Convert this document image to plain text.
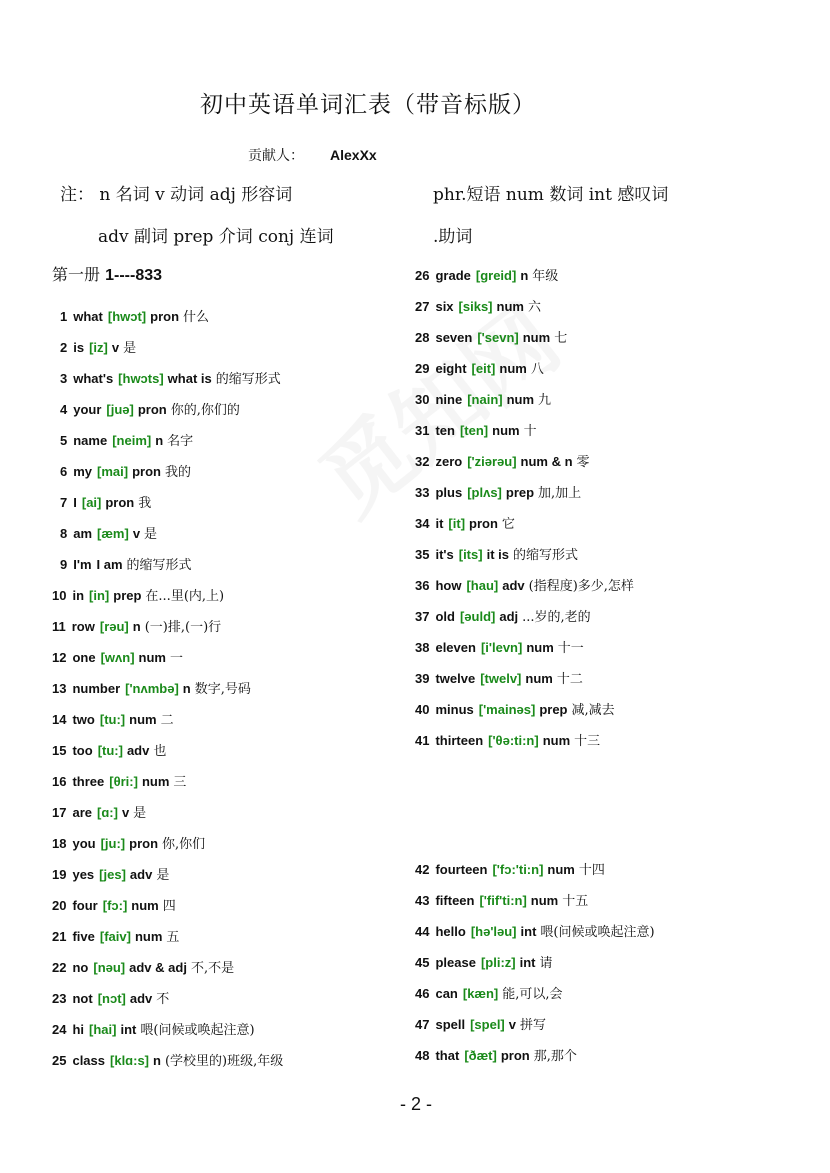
初中英语单词汇表（带音标版）
贡献人： AlexXx
注： n 名词 v 动词 adj 形容词	phr.短语 num 数词 int 感叹词
adv 副词 prep 介词 conj 连词	.助词
第一册 1----833
1 what [hwɔt] pron 什么
2 is [iz] v 是
3 what's [hwɔts] what is 的缩写形式
4 your [juə] pron 你的,你们的
5 name [neim] n 名字
6 my [mai] pron 我的
7 I [ai] pron 我
8 am [æm] v 是
9 I'm I am 的缩写形式
10 in [in] prep 在...里(内,上)
11 row [rəu] n (一)排,(一)行
12 one [wʌn] num 一
13 number ['nʌmbə] n 数字,号码
14 two [tu:] num 二
15 too [tu:] adv 也
16 three [θri:] num 三
17 are [ɑ:] v 是
18 you [ju:] pron 你,你们
19 yes [jes] adv 是
20 four [fɔ:] num 四
21 five [faiv] num 五
22 no [nəu] adv & adj 不,不是
23 not [nɔt] adv 不
24 hi [hai] int 喂(问候或唤起注意)
25 class [klɑ:s] n (学校里的)班级,年级
26 grade [greid] n 年级
27 six [siks] num 六
28 seven ['sevn] num 七
29 eight [eit] num 八
30 nine [nain] num 九
31 ten [ten] num 十
32 zero ['ziərəu] num & n 零
33 plus [plʌs] prep 加,加上
34 it [it] pron 它
35 it's [its] it is 的缩写形式
36 how [hau] adv (指程度)多少,怎样
37 old [əuld] adj ...岁的,老的
38 eleven [i'levn] num 十一
39 twelve [twelv] num 十二
40 minus ['mainəs] prep 减,减去
41 thirteen ['θə:ti:n] num 十三
42 fourteen ['fɔ:'ti:n] num 十四
43 fifteen ['fif'ti:n] num 十五
44 hello [hə'ləu] int 喂(问候或唤起注意)
45 please [pli:z] int 请
46 can [kæn] 能,可以,会
47 spell [spel] v 拼写
48 that [ðæt] pron 那,那个
- 2 -
